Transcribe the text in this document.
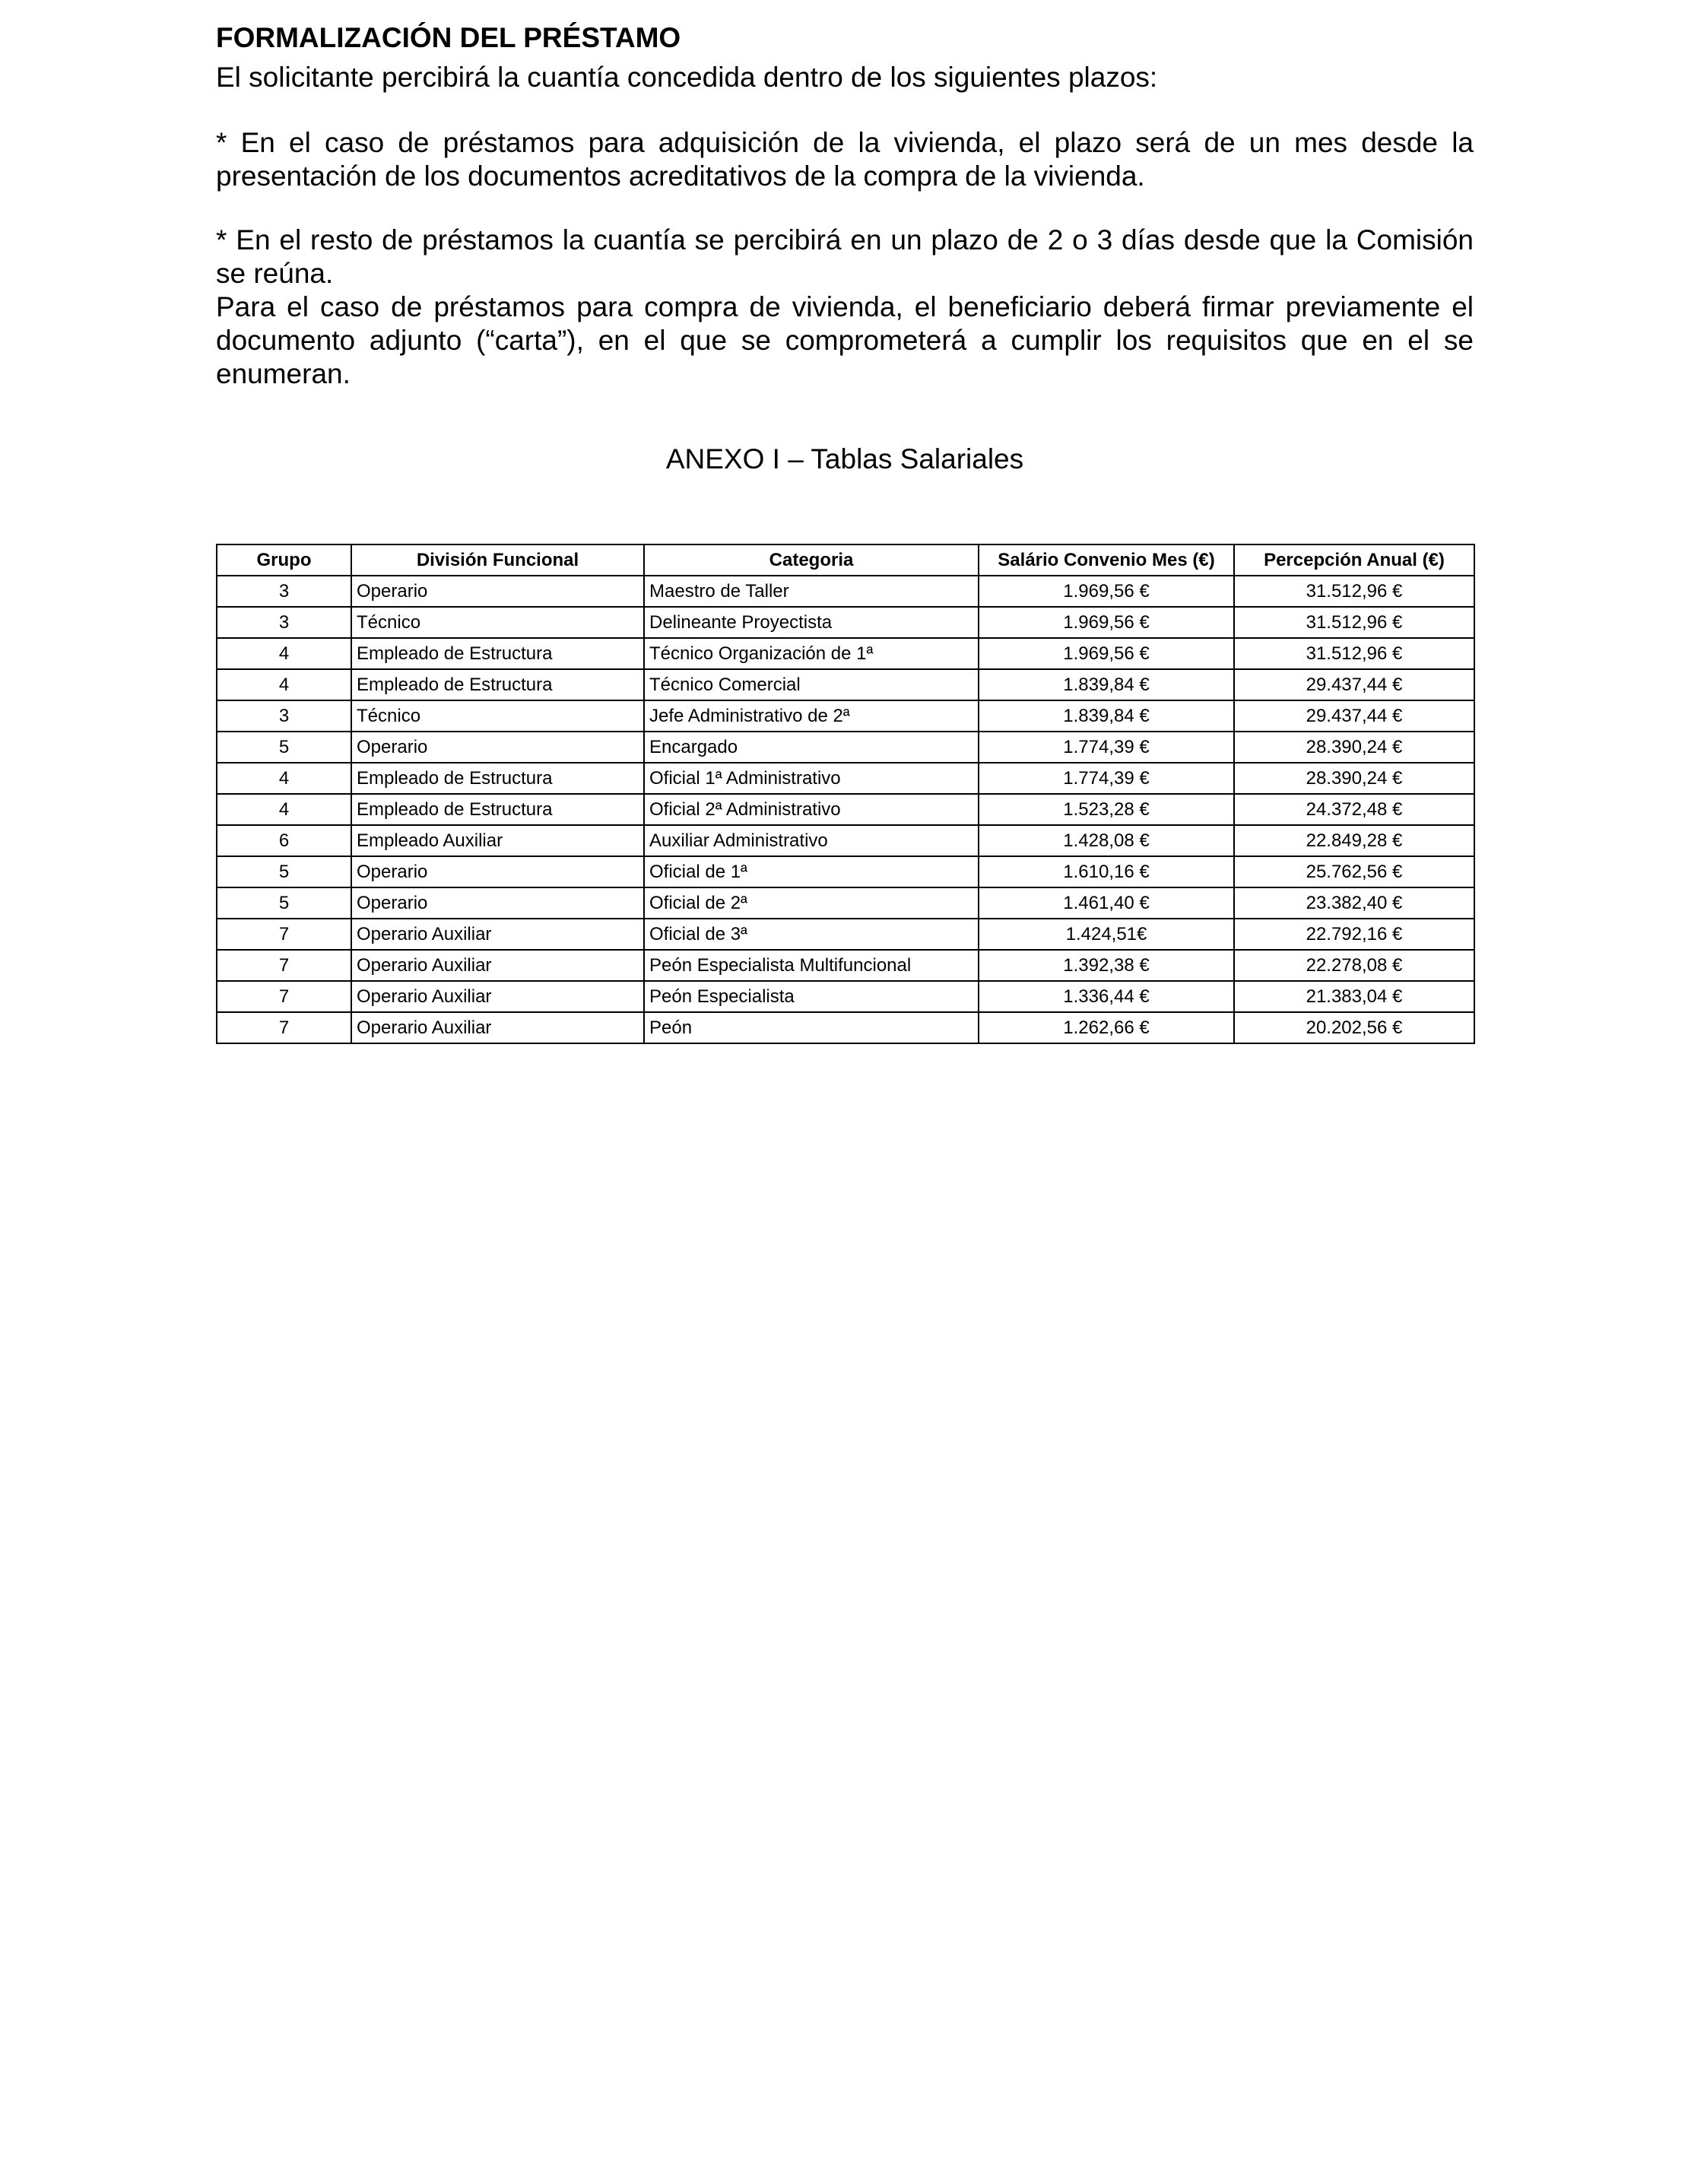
FORMALIZACIÓN DEL PRÉSTAMO

El solicitante percibirá la cuantía concedida dentro de los siguientes plazos:

* En el caso de préstamos para adquisición de la vivienda, el plazo será de un mes desde la presentación de los documentos acreditativos de la compra de la vivienda.

* En el resto de préstamos la cuantía se percibirá en un plazo de 2 o 3 días desde que la Comisión se reúna.

Para el caso de préstamos para compra de vivienda, el beneficiario deberá firmar previamente el documento adjunto (“carta”), en el que se comprometerá a cumplir los requisitos que en el se enumeran.

ANEXO I – Tablas Salariales

Grupo	División Funcional	Categoria	Salário Convenio Mes (€)	Percepción Anual (€)
3	Operario	Maestro de Taller	1.969,56 €	31.512,96 €
3	Técnico	Delineante Proyectista	1.969,56 €	31.512,96 €
4	Empleado de Estructura	Técnico Organización de 1ª	1.969,56 €	31.512,96 €
4	Empleado de Estructura	Técnico Comercial	1.839,84 €	29.437,44 €
3	Técnico	Jefe Administrativo de 2ª	1.839,84 €	29.437,44 €
5	Operario	Encargado	1.774,39 €	28.390,24 €
4	Empleado de Estructura	Oficial 1ª Administrativo	1.774,39 €	28.390,24 €
4	Empleado de Estructura	Oficial 2ª Administrativo	1.523,28 €	24.372,48 €
6	Empleado Auxiliar	Auxiliar Administrativo	1.428,08 €	22.849,28 €
5	Operario	Oficial de 1ª	1.610,16 €	25.762,56 €
5	Operario	Oficial de 2ª	1.461,40 €	23.382,40 €
7	Operario Auxiliar	Oficial de 3ª	1.424,51€	22.792,16 €
7	Operario Auxiliar	Peón Especialista Multifuncional	1.392,38 €	22.278,08 €
7	Operario Auxiliar	Peón Especialista	1.336,44 €	21.383,04 €
7	Operario Auxiliar	Peón	1.262,66 €	20.202,56 €
